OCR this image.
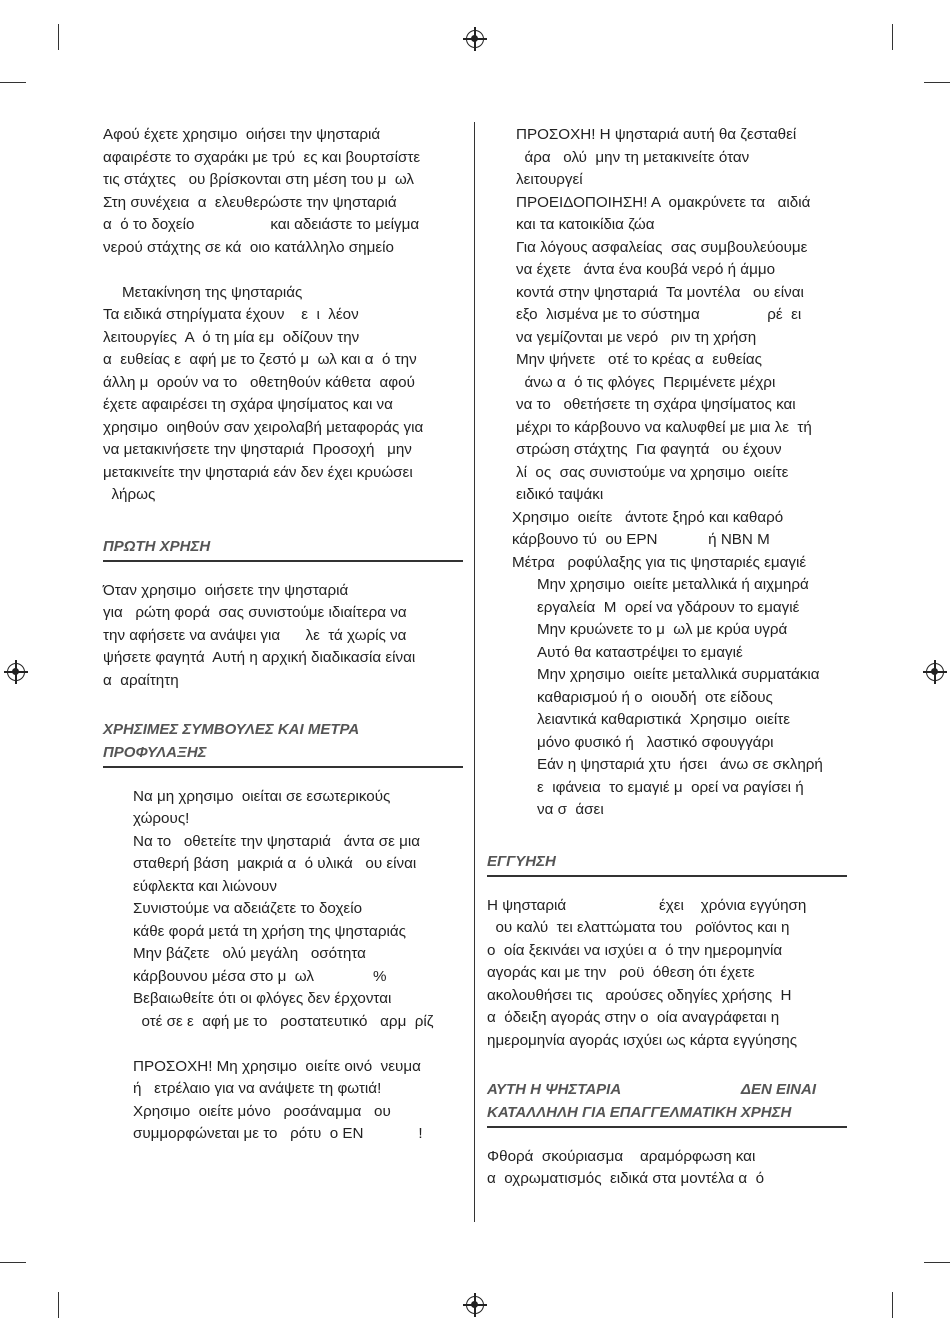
Αφού έχετε χρησιμο  οιήσει την ψησταριά

αφαιρέστε το σχαράκι με τρύ  ες και βουρτσίστε

τις στάχτες   ου βρίσκονται στη μέση του μ  ωλ

Στη συνέχεια  α  ελευθερώστε την ψησταριά

α  ό το δοχείο                  και αδειάστε το μείγμα

νερού στάχτης σε κά  οιο κατάλληλο σημείο

Μετακίνηση της ψησταριάς

Τα ειδικά στηρίγματα έχουν    ε  ι  λέον

λειτουργίες  Α  ό τη μία εμ  οδίζουν την

α  ευθείας ε  αφή με το ζεστό μ  ωλ και α  ό την

άλλη μ  ορούν να το   οθετηθούν κάθετα  αφού

έχετε αφαιρέσει τη σχάρα ψησίματος και να

χρησιμο  οιηθούν σαν χειρολαβή μεταφοράς για

να μετακινήσετε την ψησταριά  Προσοχή   μην

μετακινείτε την ψησταριά εάν δεν έχει κρυώσει

λήρως

ΠΡΩΤΗ ΧΡΗΣΗ

Όταν χρησιμο  οιήσετε την ψησταριά

για   ρώτη φορά  σας συνιστούμε ιδιαίτερα να

την αφήσετε να ανάψει για      λε  τά χωρίς να

ψήσετε φαγητά  Αυτή η αρχική διαδικασία είναι

α  αραίτητη

ΧΡΗΣΙΜΕΣ ΣΥΜΒΟΥΛΕΣ ΚΑΙ ΜΕΤΡΑ

ΠΡΟΦΥΛΑΞΗΣ

Να μη χρησιμο  οιείται σε εσωτερικούς

χώρους!

Να το   οθετείτε την ψησταριά   άντα σε μια

σταθερή βάση  μακριά α  ό υλικά   ου είναι

εύφλεκτα και λιώνουν

Συνιστούμε να αδειάζετε το δοχείο

κάθε φορά μετά τη χρήση της ψησταριάς

Μην βάζετε   ολύ μεγάλη   οσότητα

κάρβουνου μέσα στο μ  ωλ              %

Βεβαιωθείτε ότι οι φλόγες δεν έρχονται

οτέ σε ε  αφή με το   ροστατευτικό   αρμ  ρίζ

ΠΡΟΣΟΧΗ! Μη χρησιμο  οιείτε οινό  νευμα

ή   ετρέλαιο για να ανάψετε τη φωτιά!

Χρησιμο  οιείτε μόνο   ροσάναμμα   ου

συμμορφώνεται με το   ρότυ  ο ΕΝ             !

ΠΡΟΣΟΧΗ! Η ψησταριά αυτή θα ζεσταθεί

άρα   ολύ  μην τη μετακινείτε όταν

λειτουργεί

ΠΡΟΕΙΔΟΠΟΙΗΣΗ! Α  ομακρύνετε τα   αιδιά

και τα κατοικίδια ζώα

Για λόγους ασφαλείας  σας συμβουλεύουμε

να έχετε   άντα ένα κουβά νερό ή άμμο

κοντά στην ψησταριά  Τα μοντέλα   ου είναι

εξο  λισμένα με το σύστημα                ρέ  ει

να γεμίζονται με νερό   ριν τη χρήση

Μην ψήνετε   οτέ το κρέας α  ευθείας

άνω α  ό τις φλόγες  Περιμένετε μέχρι

να το   οθετήσετε τη σχάρα ψησίματος και

μέχρι το κάρβουνο να καλυφθεί με μια λε  τή

στρώση στάχτης  Για φαγητά   ου έχουν

λί  ος  σας συνιστούμε να χρησιμο  οιείτε

ειδικό ταψάκι

Χρησιμο  οιείτε   άντοτε ξηρό και καθαρό

κάρβουνο τύ  ου ΕΡΝ            ή ΝΒΝ Μ

Μέτρα   ροφύλαξης για τις ψησταριές εμαγιέ

Μην χρησιμο  οιείτε μεταλλικά ή αιχμηρά

εργαλεία  Μ  ορεί να γδάρουν το εμαγιέ

Μην κρυώνετε το μ  ωλ με κρύα υγρά

Αυτό θα καταστρέψει το εμαγιέ

Μην χρησιμο  οιείτε μεταλλικά συρματάκια

καθαρισμού ή ο  οιουδή  οτε είδους

λειαντικά καθαριστικά  Χρησιμο  οιείτε

μόνο φυσικό ή   λαστικό σφουγγάρι

Εάν η ψησταριά χτυ  ήσει   άνω σε σκληρή

ε  ιφάνεια  το εμαγιέ μ  ορεί να ραγίσει ή

να σ  άσει

ΕΓΓΥΗΣΗ

Η ψησταριά                      έχει    χρόνια εγγύηση

ου καλύ  τει ελαττώματα του   ροϊόντος και η

ο  οία ξεκινάει να ισχύει α  ό την ημερομηνία

αγοράς και με την   ροϋ  όθεση ότι έχετε

ακολουθήσει τις   αρούσες οδηγίες χρήσης  Η

α  όδειξη αγοράς στην ο  οία αναγράφεται η

ημερομηνία αγοράς ισχύει ως κάρτα εγγύησης

ΑΥΤΗ Η ΨΗΣΤΑΡΙΑ                             ΔΕΝ ΕΙΝΑΙ

ΚΑΤΑΛΛΗΛΗ ΓΙΑ ΕΠΑΓΓΕΛΜΑΤΙΚΗ ΧΡΗΣΗ

Φθορά  σκούριασμα    αραμόρφωση και

α  οχρωματισμός  ειδικά στα μοντέλα α  ό
